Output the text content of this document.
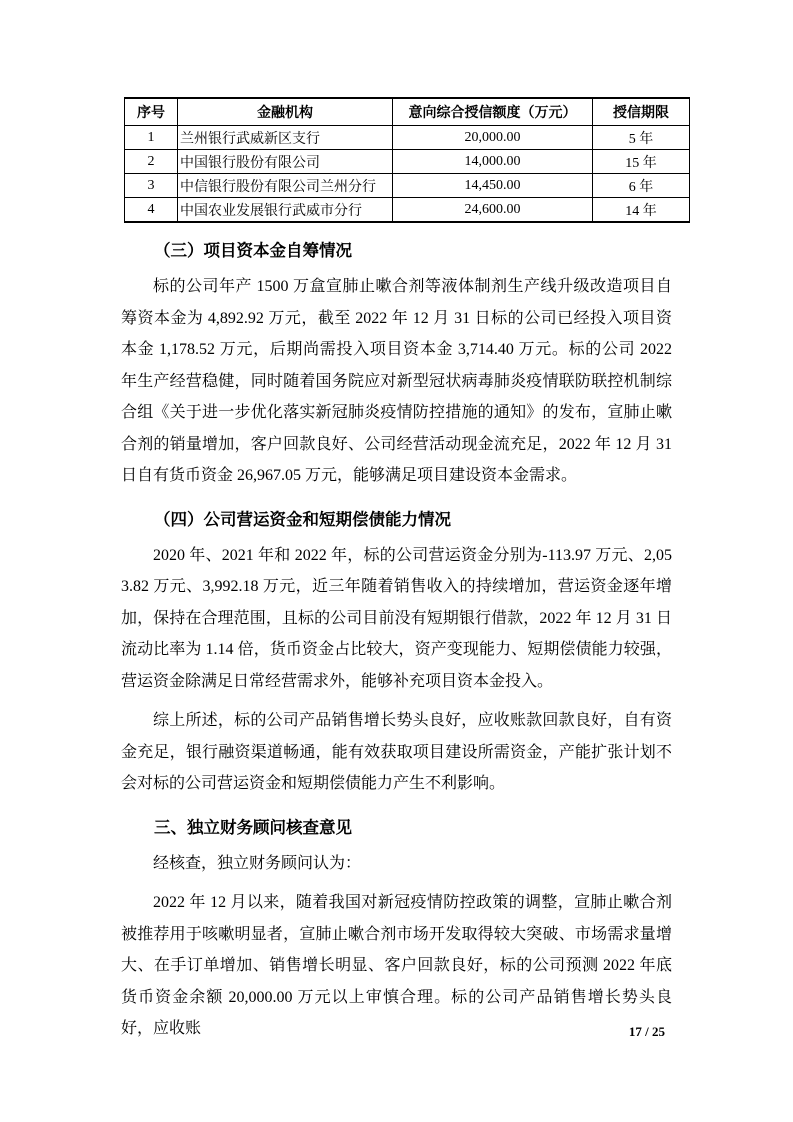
序号	金融机构	意向综合授信额度（万元）	授信期限
1	兰州银行武威新区支行	20,000.00	5 年
2	中国银行股份有限公司	14,000.00	15 年
3	中信银行股份有限公司兰州分行	14,450.00	6 年
4	中国农业发展银行武威市分行	24,600.00	14 年
（三）项目资本金自筹情况

标的公司年产 1500 万盒宣肺止嗽合剂等液体制剂生产线升级改造项目自筹资本金为 4,892.92 万元，截至 2022 年 12 月 31 日标的公司已经投入项目资本金 1,178.52 万元，后期尚需投入项目资本金 3,714.40 万元。标的公司 2022 年生产经营稳健，同时随着国务院应对新型冠状病毒肺炎疫情联防联控机制综合组《关于进一步优化落实新冠肺炎疫情防控措施的通知》的发布，宣肺止嗽合剂的销量增加，客户回款良好、公司经营活动现金流充足，2022 年 12 月 31 日自有货币资金 26,967.05 万元，能够满足项目建设资本金需求。

（四）公司营运资金和短期偿债能力情况

2020 年、2021 年和 2022 年，标的公司营运资金分别为-113.97 万元、2,053.82 万元、3,992.18 万元，近三年随着销售收入的持续增加，营运资金逐年增加，保持在合理范围，且标的公司目前没有短期银行借款，2022 年 12 月 31 日流动比率为 1.14 倍，货币资金占比较大，资产变现能力、短期偿债能力较强，营运资金除满足日常经营需求外，能够补充项目资本金投入。

综上所述，标的公司产品销售增长势头良好，应收账款回款良好，自有资金充足，银行融资渠道畅通，能有效获取项目建设所需资金，产能扩张计划不会对标的公司营运资金和短期偿债能力产生不利影响。

三、独立财务顾问核查意见

经核查，独立财务顾问认为：

2022 年 12 月以来，随着我国对新冠疫情防控政策的调整，宣肺止嗽合剂被推荐用于咳嗽明显者，宣肺止嗽合剂市场开发取得较大突破、市场需求量增大、在手订单增加、销售增长明显、客户回款良好，标的公司预测 2022 年底货币资金余额 20,000.00 万元以上审慎合理。标的公司产品销售增长势头良好，应收账	17 / 25
